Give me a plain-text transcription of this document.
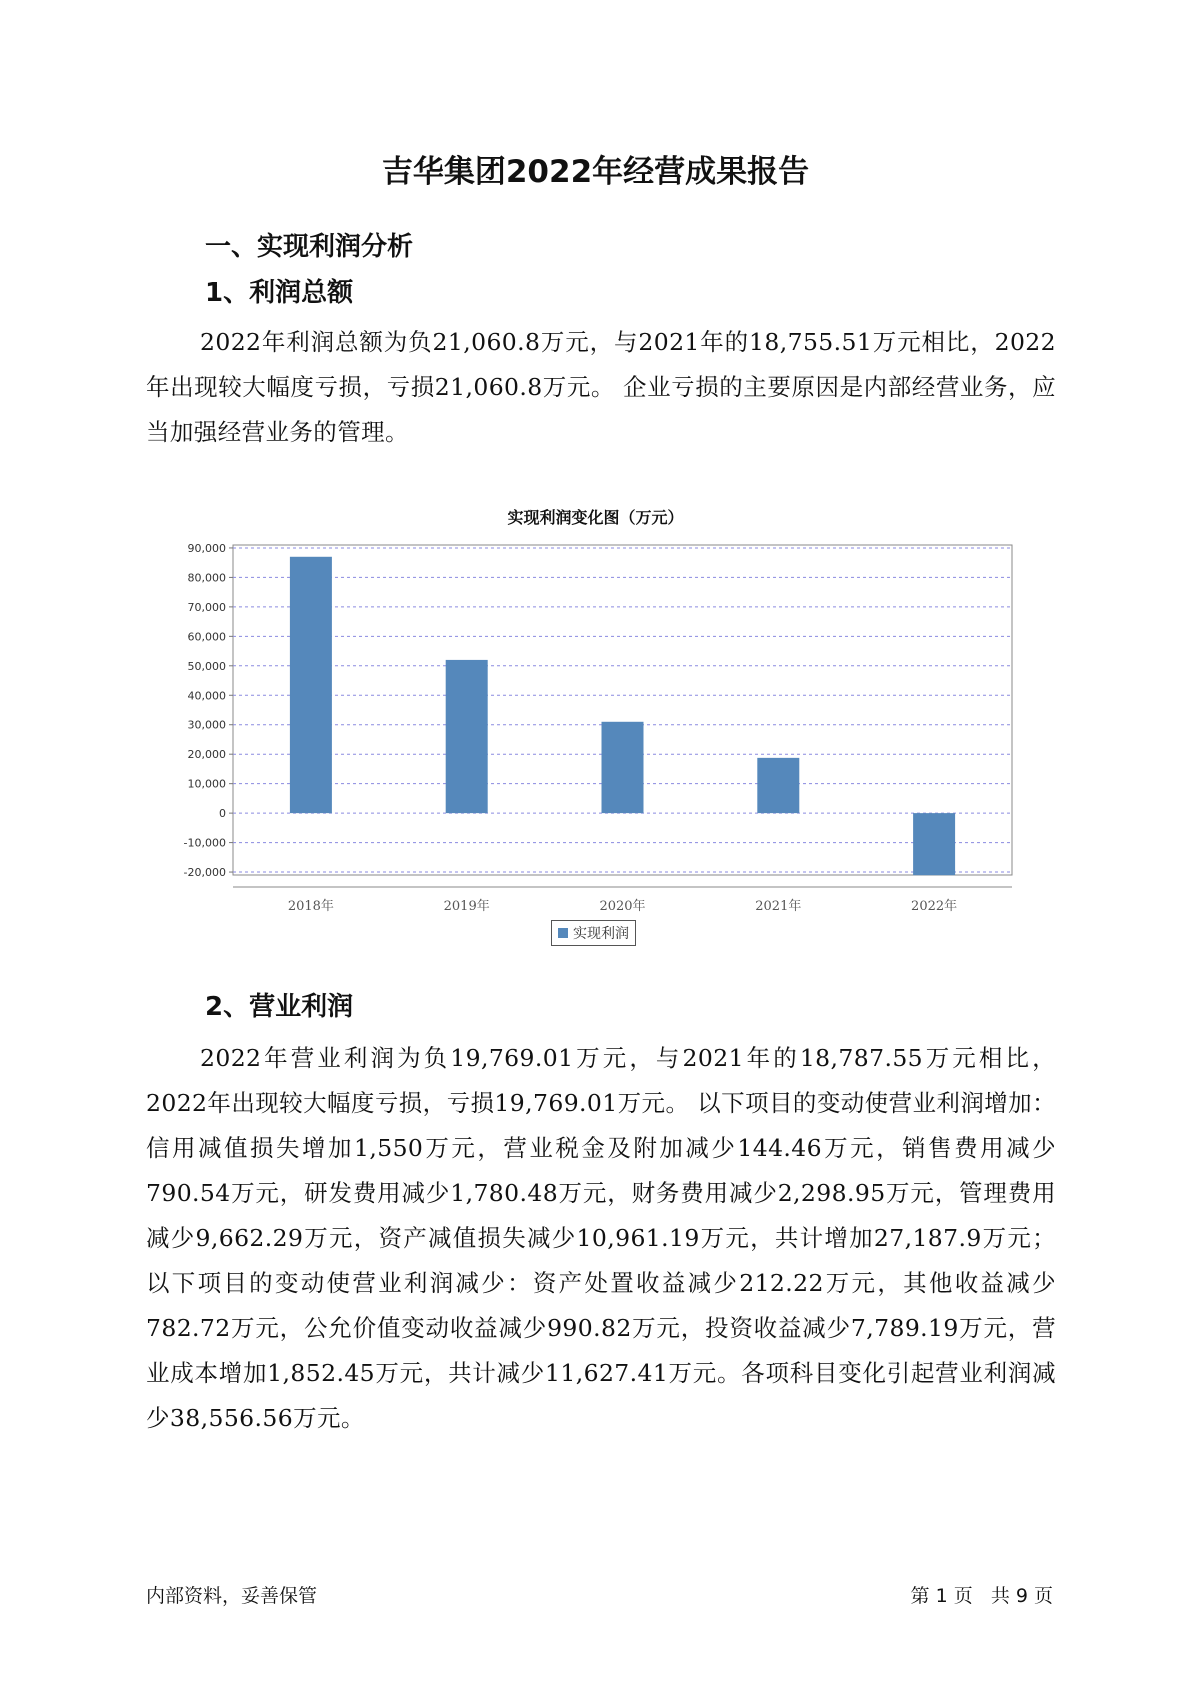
吉华集团2022年经营成果报告
一、实现利润分析
1、利润总额

2022年利润总额为负21,060.8万元，与2021年的18,755.51万元相比，2022年出现较大幅度亏损，亏损21,060.8万元。 企业亏损的主要原因是内部经营业务，应当加强经营业务的管理。

实现利润变化图（万元）
90,000
80,000
70,000
60,000
50,000
40,000
30,000
20,000
10,000
0
-10,000
-20,000
2018年	2019年	2020年	2021年	2022年
实现利润
2、营业利润

2022年营业利润为负19,769.01万元，与2021年的18,787.55万元相比，2022年出现较大幅度亏损，亏损19,769.01万元。 以下项目的变动使营业利润增加：信用减值损失增加1,550万元，营业税金及附加减少144.46万元，销售费用减少790.54万元，研发费用减少1,780.48万元，财务费用减少2,298.95万元，管理费用减少9,662.29万元，资产减值损失减少10,961.19万元，共计增加27,187.9万元；以下项目的变动使营业利润减少：资产处置收益减少212.22万元，其他收益减少782.72万元，公允价值变动收益减少990.82万元，投资收益减少7,789.19万元，营业成本增加1,852.45万元，共计减少11,627.41万元。各项科目变化引起营业利润减少38,556.56万元。

内部资料，妥善保管	第 1 页   共 9 页
